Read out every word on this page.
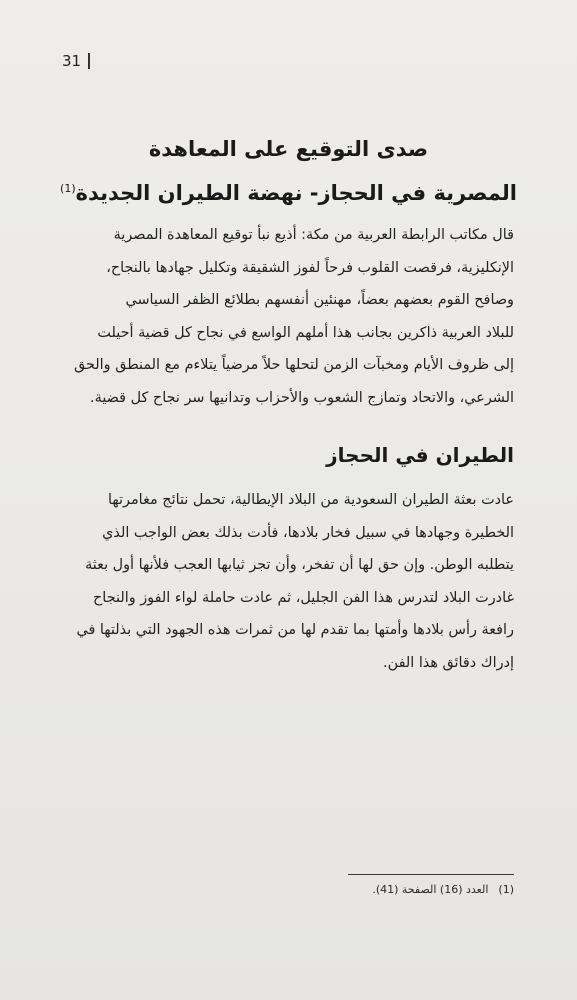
31
صدى التوقيع على المعاهدة
المصرية في الحجاز- نهضة الطيران الجديدة$^{(1)}$

قال مكاتب الرابطة العربية من مكة: أذيع نبأ توقيع المعاهدة المصرية
الإنكليزية، فرقصت القلوب فرحاً لفوز الشقيقة وتكليل جهادها بالنجاح،
وصافح القوم بعضهم بعضاً، مهنئين أنفسهم بطلائع الظفر السياسي
للبلاد العربية ذاكرين بجانب هذا أملهم الواسع في نجاح كل قضية أحيلت
إلى ظروف الأيام ومخبآت الزمن لتحلها حلاً مرضياً يتلاءم مع المنطق والحق
الشرعي، والاتحاد وتمازج الشعوب والأحزاب وتدانيها سر نجاح كل قضية.

الطيران في الحجاز

عادت بعثة الطيران السعودية من البلاد الإيطالية، تحمل نتائج مغامرتها
الخطيرة وجهادها في سبيل فخار بلادها، فأدت بذلك بعض الواجب الذي
يتطلبه الوطن. وإن حق لها أن تفخر، وأن تجر ثيابها العجب فلأنها أول بعثة
غادرت البلاد لتدرس هذا الفن الجليل، ثم عادت حاملة لواء الفوز والنجاح
رافعة رأس بلادها وأمتها بما تقدم لها من ثمرات هذه الجهود التي بذلتها في
إدراك دقائق هذا الفن.

(1)العدد (16) الصفحة (41).
